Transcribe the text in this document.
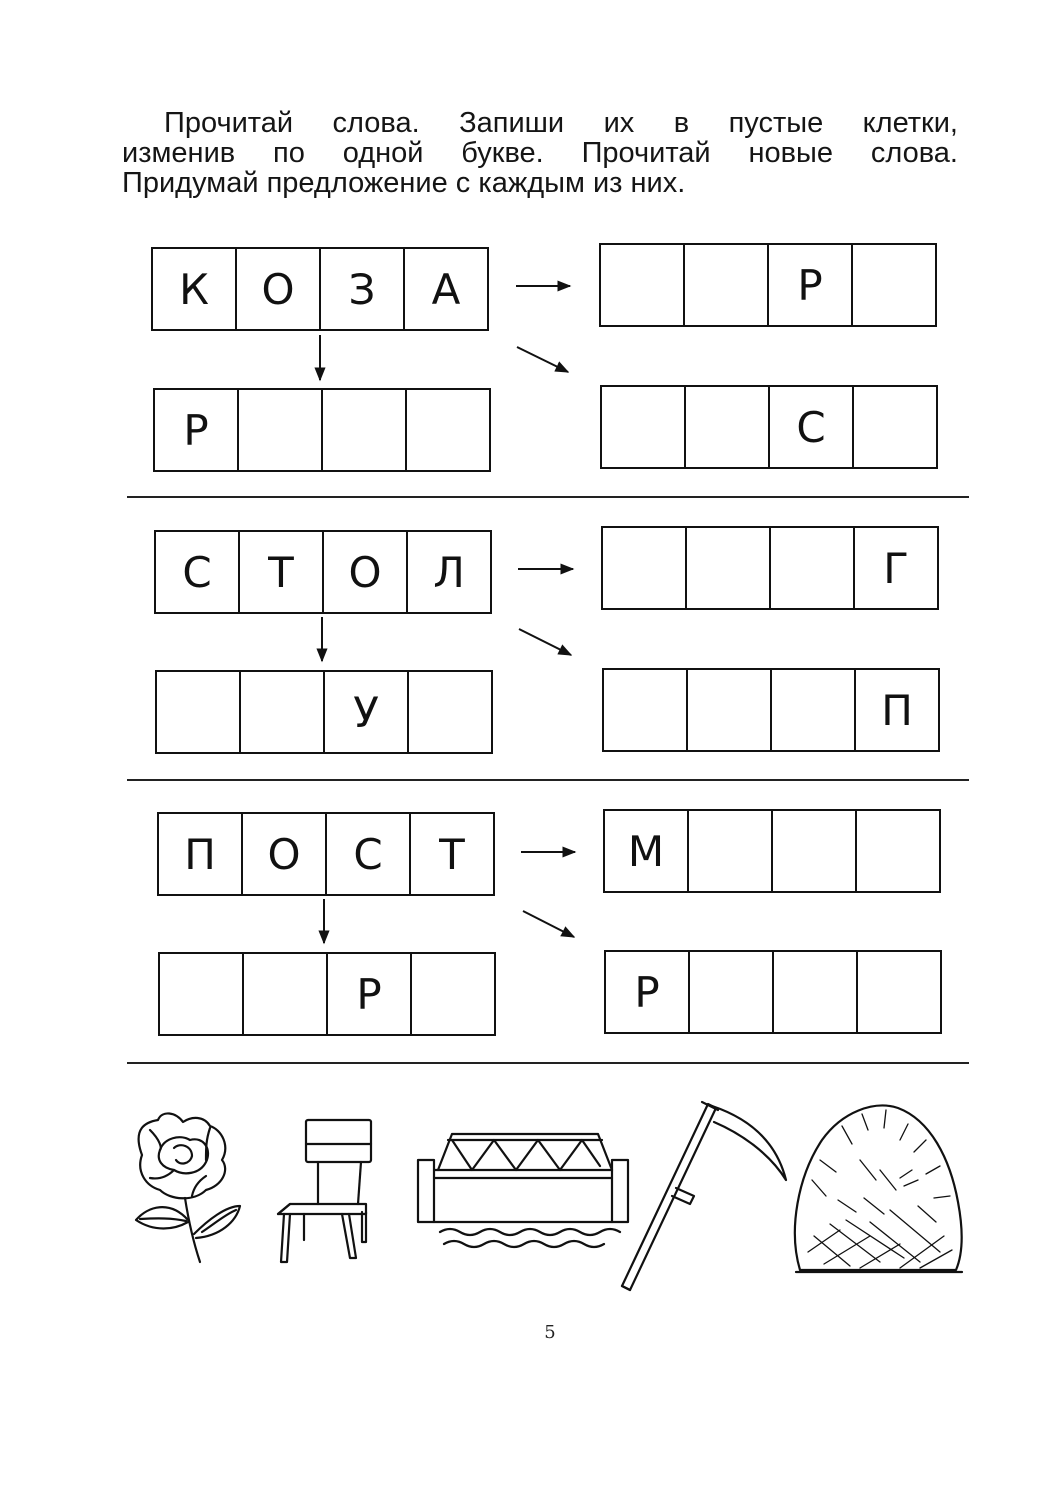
Прочитай слова. Запиши их в пустые клетки,
изменив по одной букве. Прочитай новые слова.
Придумай предложение с каждым из них.
К	О	З	А	Р
Р	С
С	Т	О	Л	Г
У	П
П	О	С	Т	М
Р	Р
5
